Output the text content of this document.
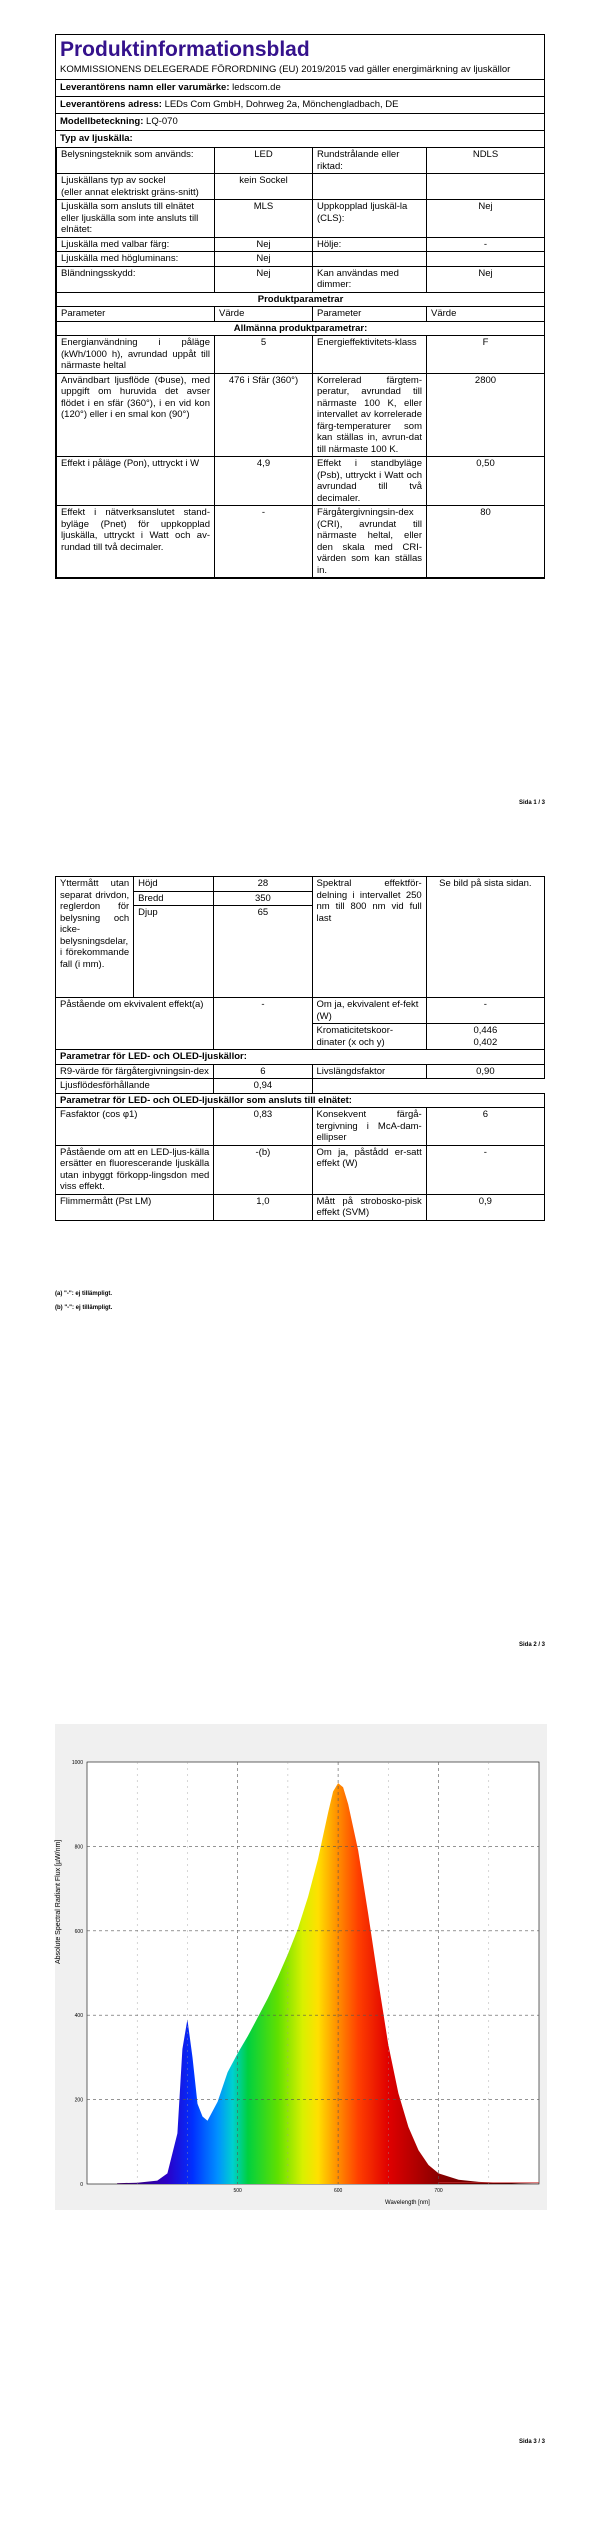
Produktinformationsblad
KOMMISSIONENS DELEGERADE FÖRORDNING (EU) 2019/2015 vad gäller energimärkning av ljuskällor
Leverantörens namn eller varumärke: ledscom.de
Leverantörens adress: LEDs Com GmbH, Dohrweg 2a, Mönchengladbach, DE
Modellbeteckning: LQ-070
Typ av ljuskälla:
Belysningsteknik som används:	LED	Rundstrålande eller riktad:	NDLS
Ljuskällans typ av sockel
(eller annat elektriskt gräns-snitt)	kein Sockel		
Ljuskälla som ansluts till elnätet eller ljuskälla som inte ansluts till elnätet:	MLS	Uppkopplad ljuskäl-la (CLS):	Nej
Ljuskälla med valbar färg:	Nej	Hölje:	-
Ljuskälla med högluminans:	Nej		
Bländningsskydd:	Nej	Kan användas med dimmer:	Nej
Produktparametrar			
Parameter	Värde	Parameter	Värde
Allmänna produktparametrar:			
Energianvändning i påläge (kWh/1000 h), avrundad uppåt till närmaste heltal	5	Energieffektivitets-klass	F
Användbart ljusflöde (Φuse), med uppgift om huruvida det avser flödet i en sfär (360°), i en vid kon (120°) eller i en smal kon (90°)	476 i Sfär (360°)	Korrelerad färgtem-peratur, avrundad till närmaste 100 K, eller intervallet av korrelerade färg-temperaturer som kan ställas in, avrun-dat till närmaste 100 K.	2800
Effekt i påläge (Pon), uttryckt i W	4,9	Effekt i standbyläge (Psb), uttryckt i Watt och avrundad till två decimaler.	0,50
Effekt i nätverksanslutet stand-byläge (Pnet) för uppkopplad ljuskälla, uttryckt i Watt och av-rundad till två decimaler.	-	Färgåtergivningsin-dex (CRI), avrundat till närmaste heltal, eller den skala med CRI-värden som kan ställas in.	80
Sida 1 / 3
Yttermått utan separat drivdon, reglerdon för belysning och icke-belysningsdelar, i förekommande fall (i mm).	Höjd	28	Spektral effektför-delning i intervallet 250 nm till 800 nm vid full last	Se bild på sista sidan.
	Bredd	350		
	Djup	65		
Påstående om ekvivalent effekt(a)		-	Om ja, ekvivalent ef-fekt (W)	-
			Kromaticitetskoor-dinater (x och y)	0,446
0,402

Parametrar för LED- och OLED-ljuskällor:				
R9-värde för färgåtergivningsin-dex		6	Livslängdsfaktor	0,90
Ljusflödesförhållande		0,94		
Parametrar för LED- och OLED-ljuskällor som ansluts till elnätet:				
Fasfaktor (cos φ1)		0,83	Konsekvent färgå-tergivning i McA-dam-ellipser	6
Påstående om att en LED-ljus-källa ersätter en fluorescerande ljuskälla utan inbyggt förkopp-lingsdon med viss effekt.		-(b)	Om ja, påstådd er-satt effekt (W)	-
Flimmermått (Pst LM)		1,0	Mått på strobosko-pisk effekt (SVM)	0,9
(a) "-": ej tillämpligt.
(b) "-": ej tillämpligt.
Sida 2 / 3
1000
800
600
400
200
0
500	600	700
Absolute Spectral Radiant Flux [µW/nm]
Wavelength [nm]
Sida 3 / 3
